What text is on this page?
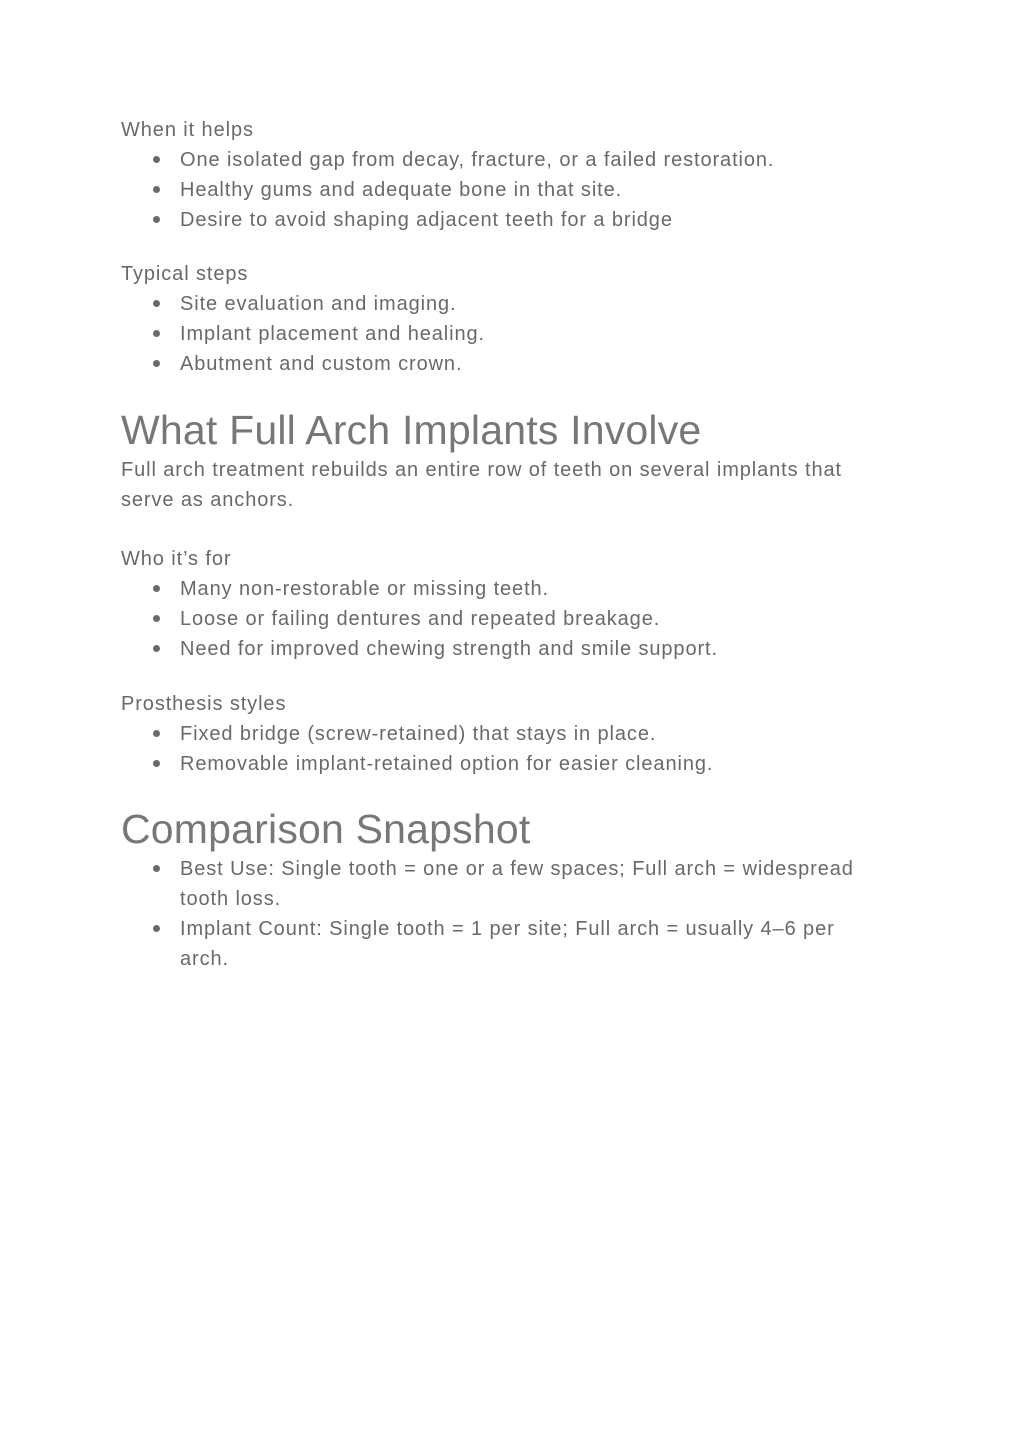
When it helps
One isolated gap from decay, fracture, or a failed restoration.
Healthy gums and adequate bone in that site.
Desire to avoid shaping adjacent teeth for a bridge
Typical steps
Site evaluation and imaging.
Implant placement and healing.
Abutment and custom crown.
What Full Arch Implants Involve

Full arch treatment rebuilds an entire row of teeth on several implants that serve as anchors.

Who it’s for
Many non-restorable or missing teeth.
Loose or failing dentures and repeated breakage.
Need for improved chewing strength and smile support.
Prosthesis styles
Fixed bridge (screw-retained) that stays in place.
Removable implant-retained option for easier cleaning.
Comparison Snapshot
Best Use: Single tooth = one or a few spaces; Full arch = widespread tooth loss.
Implant Count: Single tooth = 1 per site; Full arch = usually 4–6 per arch.
